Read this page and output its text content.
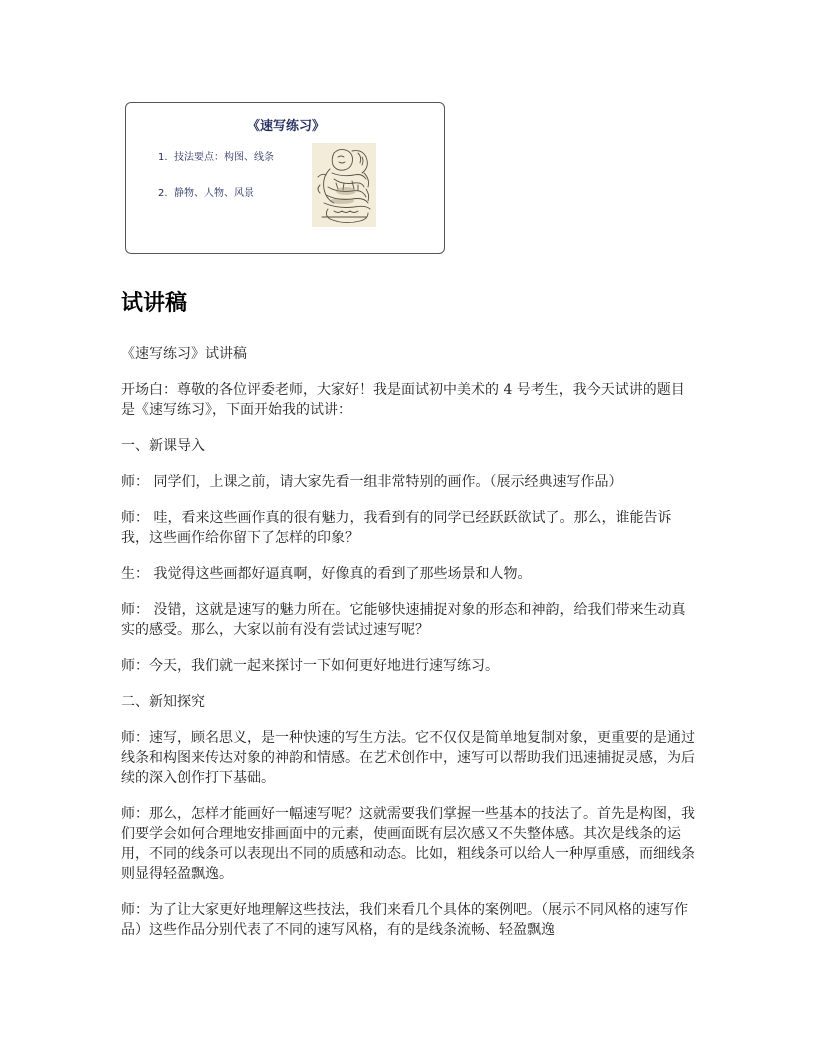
《速写练习》
1. 技法要点：构图、线条
2. 静物、人物、风景
试讲稿

《速写练习》试讲稿

开场白：尊敬的各位评委老师，大家好！我是面试初中美术的 4 号考生，我今天试讲的题目是《速写练习》，下面开始我的试讲：

一、新课导入

师： 同学们，上课之前，请大家先看一组非常特别的画作。（展示经典速写作品）

师： 哇，看来这些画作真的很有魅力，我看到有的同学已经跃跃欲试了。那么，谁能告诉我，这些画作给你留下了怎样的印象？

生： 我觉得这些画都好逼真啊，好像真的看到了那些场景和人物。

师： 没错，这就是速写的魅力所在。它能够快速捕捉对象的形态和神韵，给我们带来生动真实的感受。那么，大家以前有没有尝试过速写呢？

师：今天，我们就一起来探讨一下如何更好地进行速写练习。

二、新知探究

师：速写，顾名思义，是一种快速的写生方法。它不仅仅是简单地复制对象，更重要的是通过线条和构图来传达对象的神韵和情感。在艺术创作中，速写可以帮助我们迅速捕捉灵感，为后续的深入创作打下基础。

师：那么，怎样才能画好一幅速写呢？这就需要我们掌握一些基本的技法了。首先是构图，我们要学会如何合理地安排画面中的元素，使画面既有层次感又不失整体感。其次是线条的运用，不同的线条可以表现出不同的质感和动态。比如，粗线条可以给人一种厚重感，而细线条则显得轻盈飘逸。

师：为了让大家更好地理解这些技法，我们来看几个具体的案例吧。（展示不同风格的速写作品）这些作品分别代表了不同的速写风格，有的是线条流畅、轻盈飘逸
